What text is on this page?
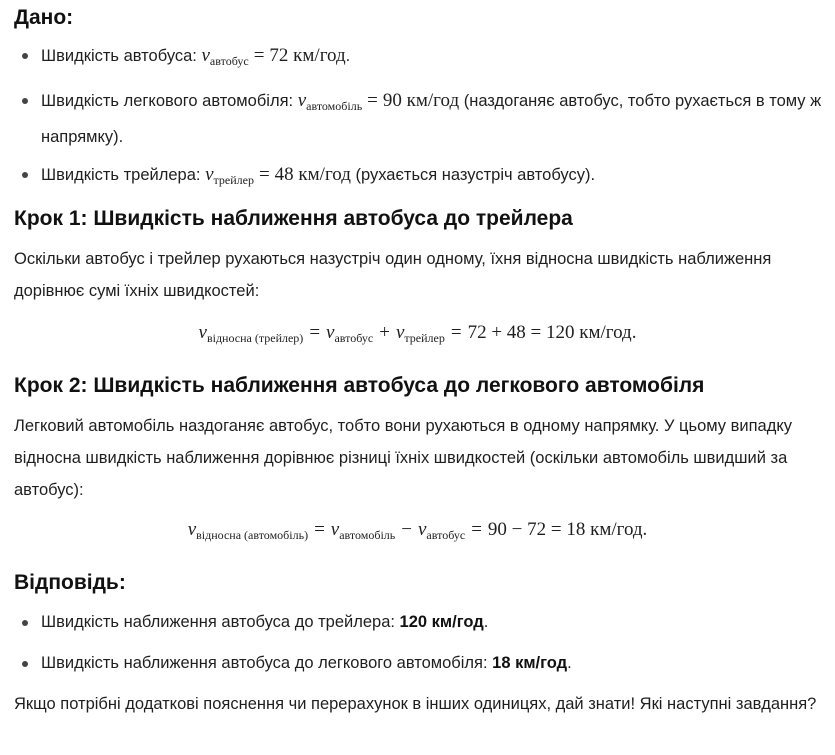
Дано:
Швидкість автобуса: $v_{автобус} = 72$ км/год.
Швидкість легкового автомобіля: $v_{автомобіль} = 90$ км/год (наздоганяє автобус, тобто рухається в тому ж напрямку).
Швидкість трейлера: $v_{трейлер} = 48$ км/год (рухається назустріч автобусу).
Крок 1: Швидкість наближення автобуса до трейлера

Оскільки автобус і трейлер рухаються назустріч один одному, їхня відносна швидкість наближення дорівнює сумі їхніх швидкостей:

$v_{відносна (трейлер)} = v_{автобус} + v_{трейлер} = 72 + 48 = 120$ км/год.
Крок 2: Швидкість наближення автобуса до легкового автомобіля

Легковий автомобіль наздоганяє автобус, тобто вони рухаються в одному напрямку. У цьому випадку відносна швидкість наближення дорівнює різниці їхніх швидкостей (оскільки автомобіль швидший за автобус):

$v_{відносна (автомобіль)} = v_{автомобіль} - v_{автобус} = 90 - 72 = 18$ км/год.
Відповідь:
Швидкість наближення автобуса до трейлера: 120 км/год.
Швидкість наближення автобуса до легкового автомобіля: 18 км/год.

Якщо потрібні додаткові пояснення чи перерахунок в інших одиницях, дай знати! Які наступні завдання?
